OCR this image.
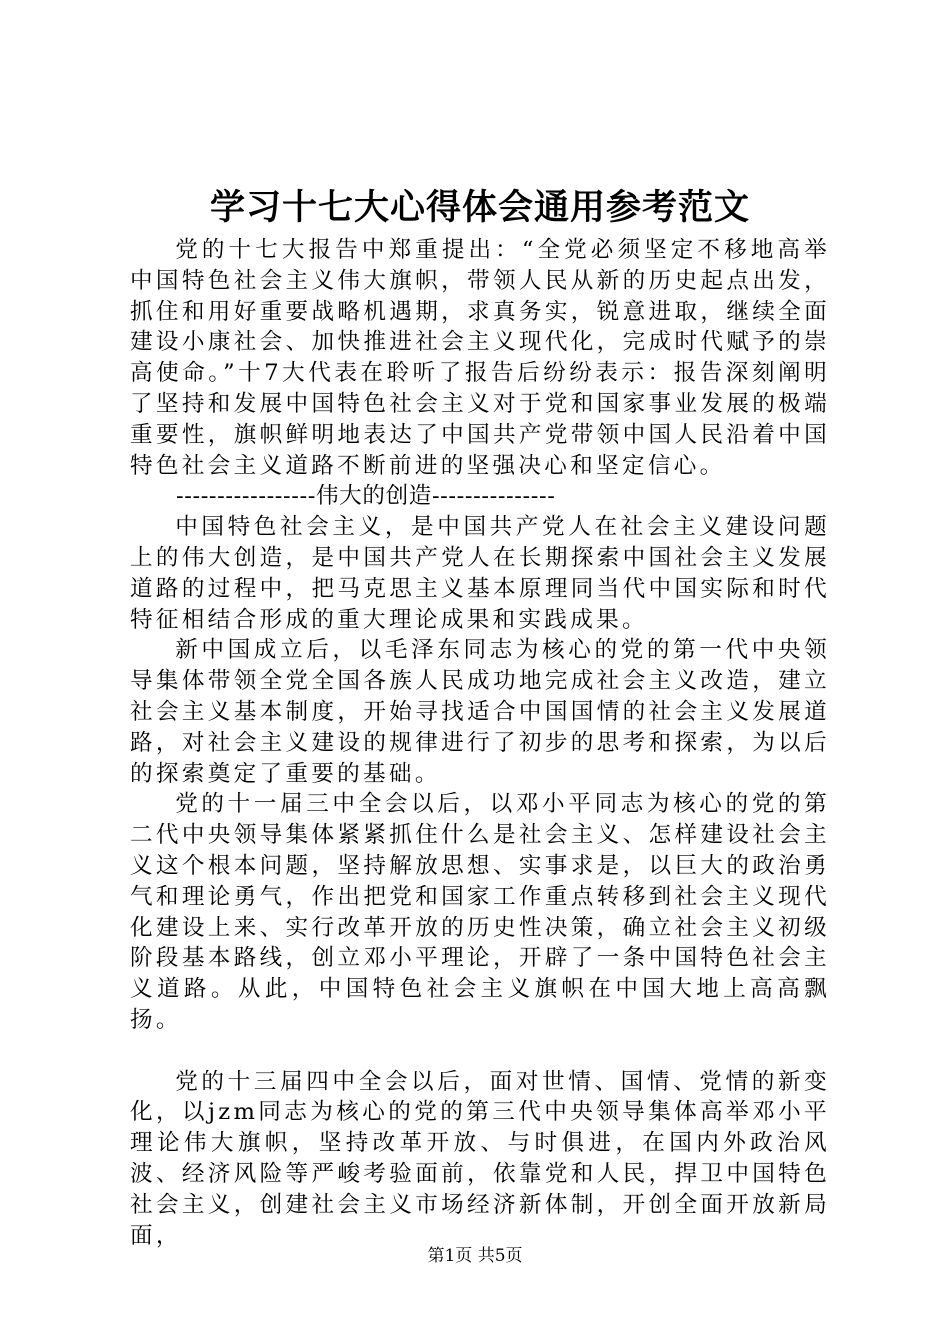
学习十七大心得体会通用参考范文

党的十七大报告中郑重提出：“全党必须坚定不移地高举中国特色社会主义伟大旗帜，带领人民从新的历史起点出发，抓住和用好重要战略机遇期，求真务实，锐意进取，继续全面建设小康社会、加快推进社会主义现代化，完成时代赋予的崇高使命。”十7大代表在聆听了报告后纷纷表示：报告深刻阐明了坚持和发展中国特色社会主义对于党和国家事业发展的极端重要性，旗帜鲜明地表达了中国共产党带领中国人民沿着中国特色社会主义道路不断前进的坚强决心和坚定信心。

-----------------伟大的创造---------------

中国特色社会主义，是中国共产党人在社会主义建设问题上的伟大创造，是中国共产党人在长期探索中国社会主义发展道路的过程中，把马克思主义基本原理同当代中国实际和时代特征相结合形成的重大理论成果和实践成果。

新中国成立后，以毛泽东同志为核心的党的第一代中央领导集体带领全党全国各族人民成功地完成社会主义改造，建立社会主义基本制度，开始寻找适合中国国情的社会主义发展道路，对社会主义建设的规律进行了初步的思考和探索，为以后的探索奠定了重要的基础。

党的十一届三中全会以后，以邓小平同志为核心的党的第二代中央领导集体紧紧抓住什么是社会主义、怎样建设社会主义这个根本问题，坚持解放思想、实事求是，以巨大的政治勇气和理论勇气，作出把党和国家工作重点转移到社会主义现代化建设上来、实行改革开放的历史性决策，确立社会主义初级阶段基本路线，创立邓小平理论，开辟了一条中国特色社会主义道路。从此，中国特色社会主义旗帜在中国大地上高高飘扬。

党的十三届四中全会以后，面对世情、国情、党情的新变化，以jzm同志为核心的党的第三代中央领导集体高举邓小平理论伟大旗帜，坚持改革开放、与时俱进，在国内外政治风波、经济风险等严峻考验面前，依靠党和人民，捍卫中国特色社会主义，创建社会主义市场经济新体制，开创全面开放新局面，

第1页 共5页
